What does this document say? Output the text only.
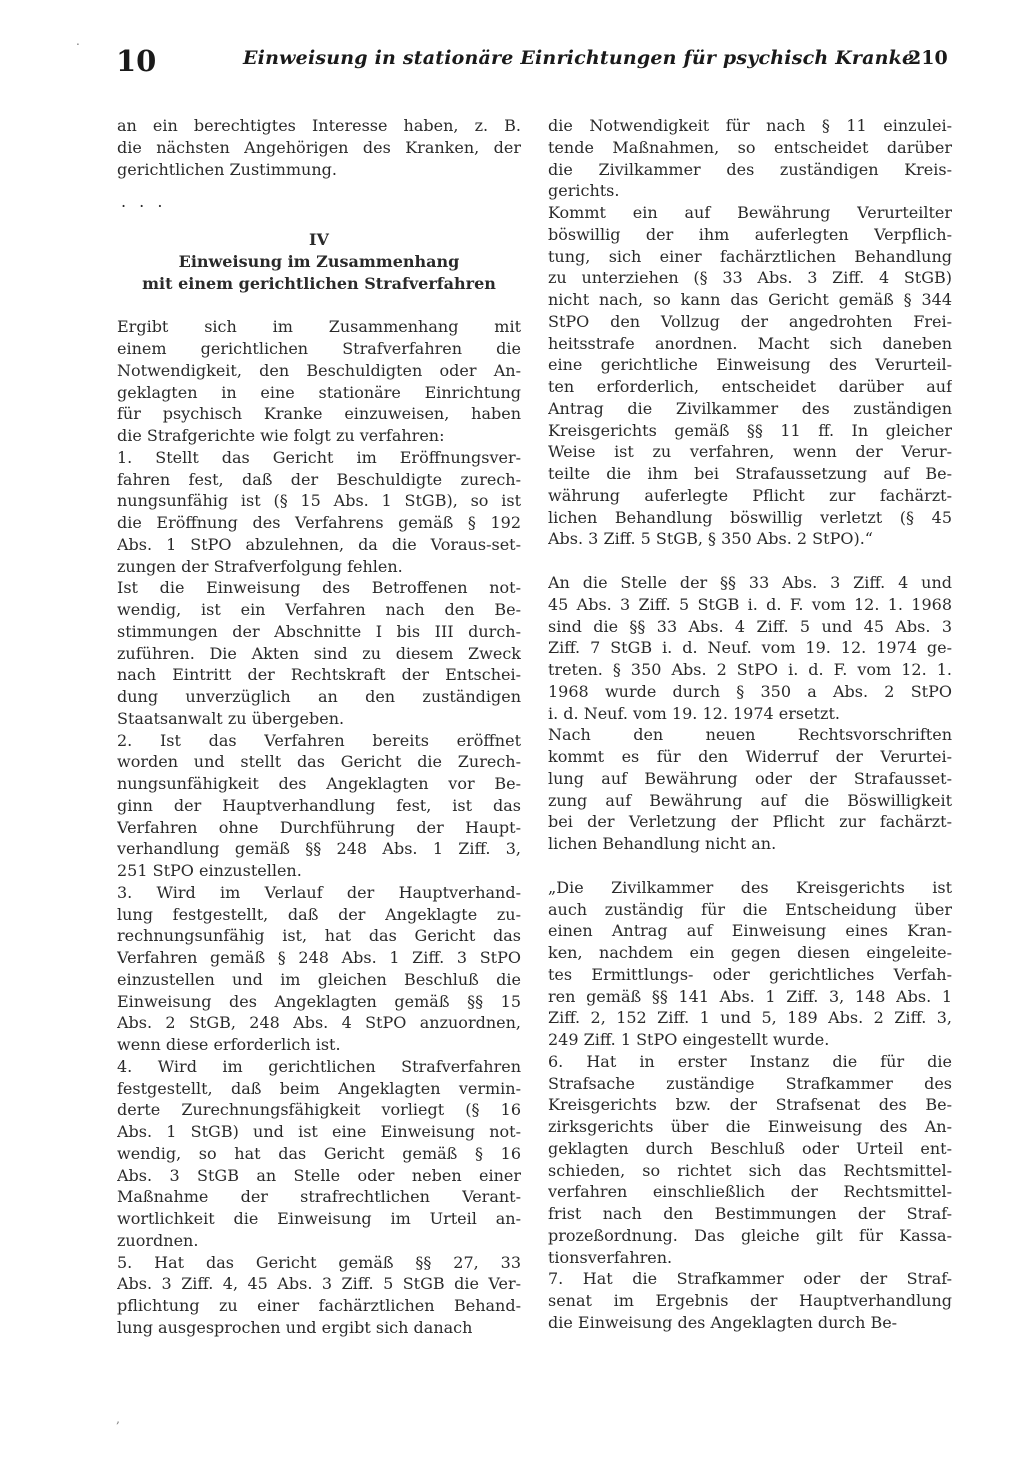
10	Einweisung in stationäre Einrichtungen für psychisch Kranke
210
an ein berechtigtes Interesse haben, z. B.
die nächsten Angehörigen des Kranken, der
gerichtlichen Zustimmung.
. . .
IV
Einweisung im Zusammenhang
mit einem gerichtlichen Strafverfahren
Ergibt sich im Zusammenhang mit
einem gerichtlichen Strafverfahren die
Notwendigkeit, den Beschuldigten oder An-
geklagten in eine stationäre Einrichtung
für psychisch Kranke einzuweisen, haben
die Strafgerichte wie folgt zu verfahren:
1. Stellt das Gericht im Eröffnungsver-
fahren fest, daß der Beschuldigte zurech-
nungsunfähig ist (§ 15 Abs. 1 StGB), so ist
die Eröffnung des Verfahrens gemäß § 192
Abs. 1 StPO abzulehnen, da die Voraus-set-
zungen der Strafverfolgung fehlen.
Ist die Einweisung des Betroffenen not-
wendig, ist ein Verfahren nach den Be-
stimmungen der Abschnitte I bis III durch-
zuführen. Die Akten sind zu diesem Zweck
nach Eintritt der Rechtskraft der Entschei-
dung unverzüglich an den zuständigen
Staatsanwalt zu übergeben.
2. Ist das Verfahren bereits eröffnet
worden und stellt das Gericht die Zurech-
nungsunfähigkeit des Angeklagten vor Be-
ginn der Hauptverhandlung fest, ist das
Verfahren ohne Durchführung der Haupt-
verhandlung gemäß §§ 248 Abs. 1 Ziff. 3,
251 StPO einzustellen.
3. Wird im Verlauf der Hauptverhand-
lung festgestellt, daß der Angeklagte zu-
rechnungsunfähig ist, hat das Gericht das
Verfahren gemäß § 248 Abs. 1 Ziff. 3 StPO
einzustellen und im gleichen Beschluß die
Einweisung des Angeklagten gemäß §§ 15
Abs. 2 StGB, 248 Abs. 4 StPO anzuordnen,
wenn diese erforderlich ist.
4. Wird im gerichtlichen Strafverfahren
festgestellt, daß beim Angeklagten vermin-
derte Zurechnungsfähigkeit vorliegt (§ 16
Abs. 1 StGB) und ist eine Einweisung not-
wendig, so hat das Gericht gemäß § 16
Abs. 3 StGB an Stelle oder neben einer
Maßnahme der strafrechtlichen Verant-
wortlichkeit die Einweisung im Urteil an-
zuordnen.
5. Hat das Gericht gemäß §§ 27, 33
Abs. 3 Ziff. 4, 45 Abs. 3 Ziff. 5 StGB die Ver-
pflichtung zu einer fachärztlichen Behand-
lung ausgesprochen und ergibt sich danach
die Notwendigkeit für nach § 11 einzulei-
tende Maßnahmen, so entscheidet darüber
die Zivilkammer des zuständigen Kreis-
gerichts.
Kommt ein auf Bewährung Verurteilter
böswillig der ihm auferlegten Verpflich-
tung, sich einer fachärztlichen Behandlung
zu unterziehen (§ 33 Abs. 3 Ziff. 4 StGB)
nicht nach, so kann das Gericht gemäß § 344
StPO den Vollzug der angedrohten Frei-
heitsstrafe anordnen. Macht sich daneben
eine gerichtliche Einweisung des Verurteil-
ten erforderlich, entscheidet darüber auf
Antrag die Zivilkammer des zuständigen
Kreisgerichts gemäß §§ 11 ff. In gleicher
Weise ist zu verfahren, wenn der Verur-
teilte die ihm bei Strafaussetzung auf Be-
währung auferlegte Pflicht zur fachärzt-
lichen Behandlung böswillig verletzt (§ 45
Abs. 3 Ziff. 5 StGB, § 350 Abs. 2 StPO).“
An die Stelle der §§ 33 Abs. 3 Ziff. 4 und
45 Abs. 3 Ziff. 5 StGB i. d. F. vom 12. 1. 1968
sind die §§ 33 Abs. 4 Ziff. 5 und 45 Abs. 3
Ziff. 7 StGB i. d. Neuf. vom 19. 12. 1974 ge-
treten. § 350 Abs. 2 StPO i. d. F. vom 12. 1.
1968 wurde durch § 350 a Abs. 2 StPO
i. d. Neuf. vom 19. 12. 1974 ersetzt.
Nach den neuen Rechtsvorschriften
kommt es für den Widerruf der Verurtei-
lung auf Bewährung oder der Strafausset-
zung auf Bewährung auf die Böswilligkeit
bei der Verletzung der Pflicht zur fachärzt-
lichen Behandlung nicht an.
„Die Zivilkammer des Kreisgerichts ist
auch zuständig für die Entscheidung über
einen Antrag auf Einweisung eines Kran-
ken, nachdem ein gegen diesen eingeleite-
tes Ermittlungs- oder gerichtliches Verfah-
ren gemäß §§ 141 Abs. 1 Ziff. 3, 148 Abs. 1
Ziff. 2, 152 Ziff. 1 und 5, 189 Abs. 2 Ziff. 3,
249 Ziff. 1 StPO eingestellt wurde.
6. Hat in erster Instanz die für die
Strafsache zuständige Strafkammer des
Kreisgerichts bzw. der Strafsenat des Be-
zirksgerichts über die Einweisung des An-
geklagten durch Beschluß oder Urteil ent-
schieden, so richtet sich das Rechtsmittel-
verfahren einschließlich der Rechtsmittel-
frist nach den Bestimmungen der Straf-
prozeßordnung. Das gleiche gilt für Kassa-
tionsverfahren.
7. Hat die Strafkammer oder der Straf-
senat im Ergebnis der Hauptverhandlung
die Einweisung des Angeklagten durch Be-
.
‚
